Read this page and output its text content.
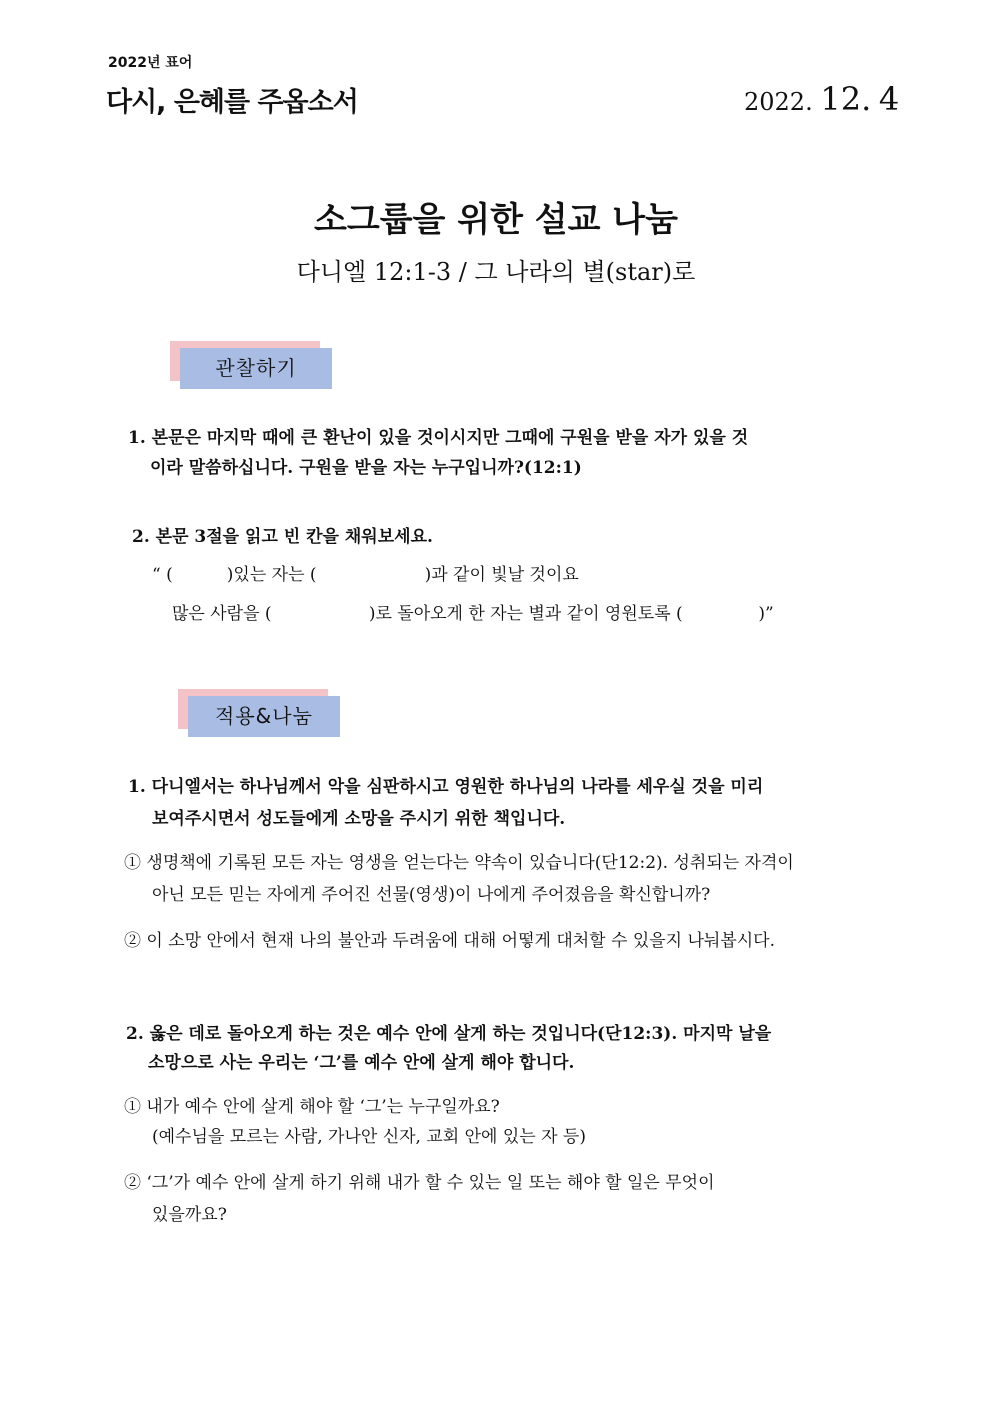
2022년 표어
다시, 은혜를 주옵소서	2022. 12. 4
소그룹을 위한 설교 나눔
다니엘 12:1-3 / 그 나라의 별(star)로
관찰하기
1. 본문은 마지막 때에 큰 환난이 있을 것이시지만 그때에 구원을 받을 자가 있을 것
이라 말씀하십니다. 구원을 받을 자는 누구입니까?(12:1)
2. 본문 3절을 읽고 빈 칸을 채워보세요.
“ (          )있는 자는 (                    )과 같이 빛날 것이요
많은 사람을 (                  )로 돌아오게 한 자는 별과 같이 영원토록 (              )”
적용&나눔
1. 다니엘서는 하나님께서 악을 심판하시고 영원한 하나님의 나라를 세우실 것을 미리
보여주시면서 성도들에게 소망을 주시기 위한 책입니다.
① 생명책에 기록된 모든 자는 영생을 얻는다는 약속이 있습니다(단12:2). 성취되는 자격이
아닌 모든 믿는 자에게 주어진 선물(영생)이 나에게 주어졌음을 확신합니까?
② 이 소망 안에서 현재 나의 불안과 두려움에 대해 어떻게 대처할 수 있을지 나눠봅시다.
2. 옳은 데로 돌아오게 하는 것은 예수 안에 살게 하는 것입니다(단12:3). 마지막 날을
소망으로 사는 우리는 ‘그’를 예수 안에 살게 해야 합니다.
① 내가 예수 안에 살게 해야 할 ‘그’는 누구일까요?
(예수님을 모르는 사람, 가나안 신자, 교회 안에 있는 자 등)
② ‘그’가 예수 안에 살게 하기 위해 내가 할 수 있는 일 또는 해야 할 일은 무엇이
있을까요?
